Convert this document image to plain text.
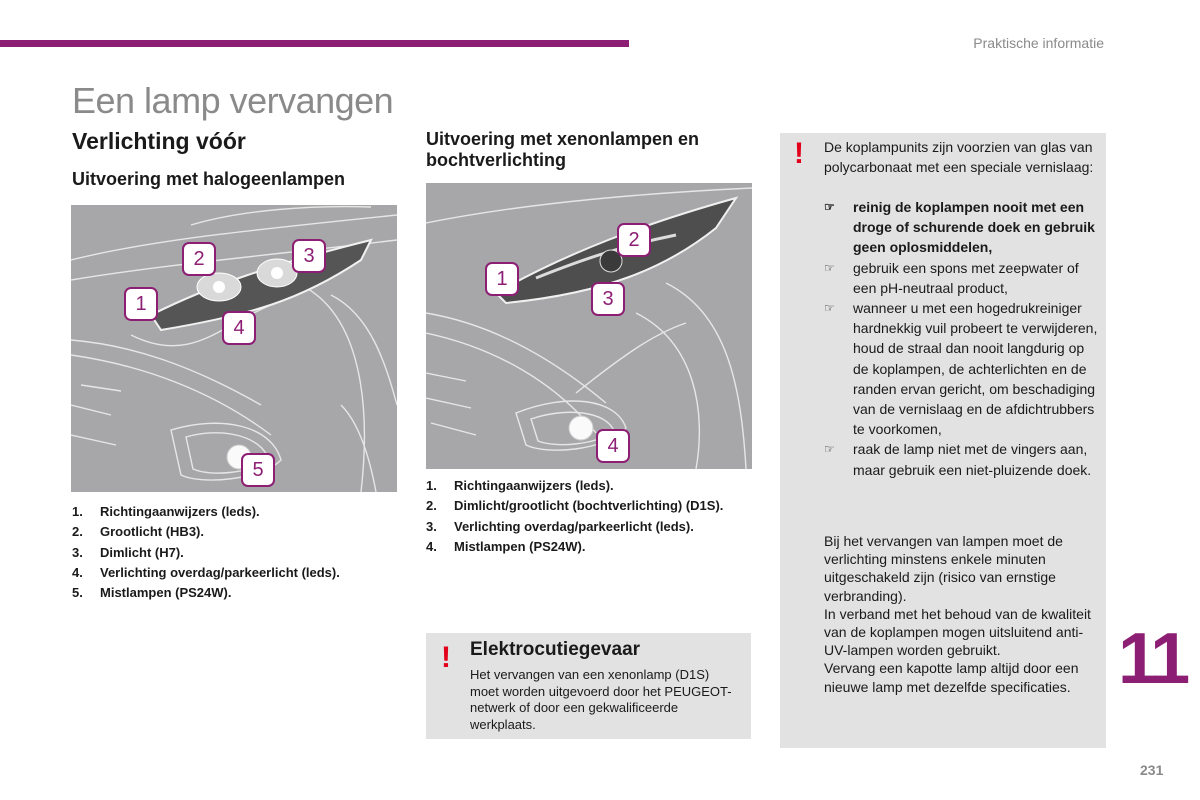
Praktische informatie
Een lamp vervangen
Verlichting vóór
Uitvoering met halogeenlampen
Uitvoering met xenonlampen en bochtverlichting
1
2	3
4
5
1
2
3
4
1. Richtingaanwijzers (leds).
2. Grootlicht (HB3).
3. Dimlicht (H7).
4. Verlichting overdag/parkeerlicht (leds).
5. Mistlampen (PS24W).
1. Richtingaanwijzers (leds).
2. Dimlicht/grootlicht (bochtverlichting) (D1S).
3. Verlichting overdag/parkeerlicht (leds).
4. Mistlampen (PS24W).
! Elektrocutiegevaar
Het vervangen van een xenonlamp (D1S) moet worden uitgevoerd door het PEUGEOT-netwerk of door een gekwalificeerde werkplaats.
! De koplampunits zijn voorzien van glas van polycarbonaat met een speciale vernislaag:
☞ reinig de koplampen nooit met een droge of schurende doek en gebruik geen oplosmiddelen,
☞ gebruik een spons met zeepwater of een pH-neutraal product,
☞ wanneer u met een hogedrukreiniger hardnekkig vuil probeert te verwijderen, houd de straal dan nooit langdurig op de koplampen, de achterlichten en de randen ervan gericht, om beschadiging van de vernislaag en de afdichtrubbers te voorkomen,
☞ raak de lamp niet met de vingers aan, maar gebruik een niet-pluizende doek.
Bij het vervangen van lampen moet de verlichting minstens enkele minuten uitgeschakeld zijn (risico van ernstige verbranding).
In verband met het behoud van de kwaliteit van de koplampen mogen uitsluitend anti-UV-lampen worden gebruikt.
Vervang een kapotte lamp altijd door een nieuwe lamp met dezelfde specificaties. 11
231
